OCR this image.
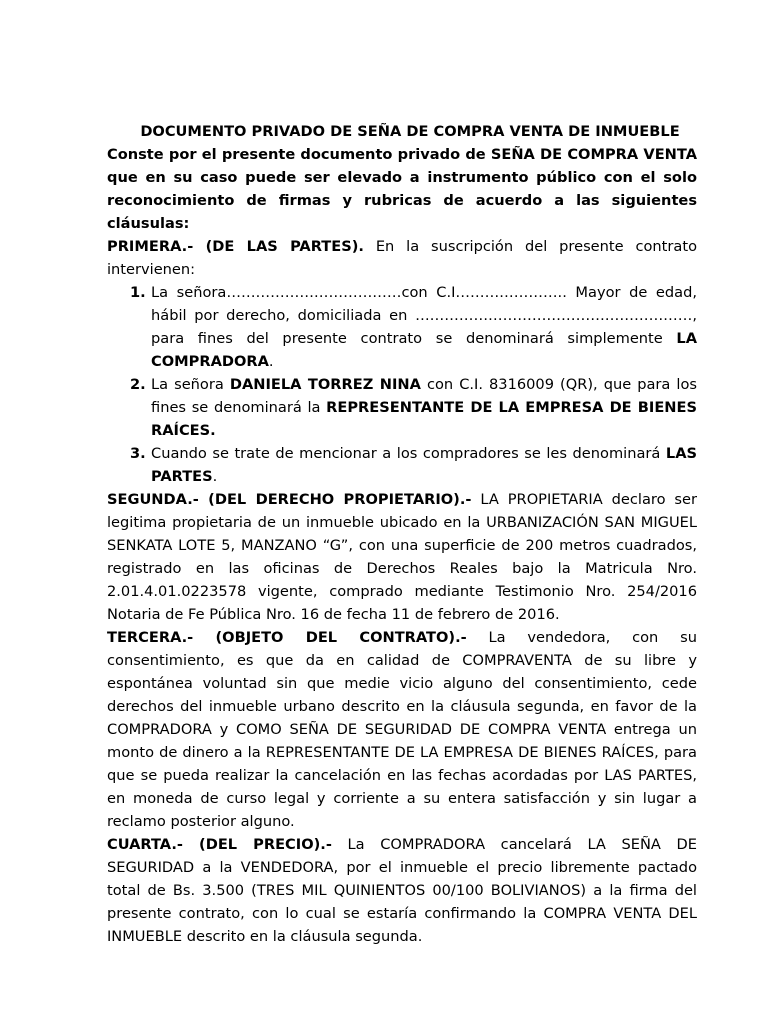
DOCUMENTO PRIVADO DE SEÑA DE COMPRA VENTA DE INMUEBLE

Conste por el presente documento privado de SEÑA DE COMPRA VENTA que en su caso puede ser elevado a instrumento público con el solo reconocimiento de firmas y rubricas de acuerdo a las siguientes cláusulas:

PRIMERA.- (DE LAS PARTES). En la suscripción del presente contrato intervienen:

1. La señora………………………………con C.I………………….. Mayor de edad, hábil por derecho, domiciliada en …………………………………………………, para fines del presente contrato se denominará simplemente LA COMPRADORA.
2. La señora DANIELA TORREZ NINA con C.I. 8316009 (QR), que para los fines se denominará la REPRESENTANTE DE LA EMPRESA DE BIENES RAÍCES.
3. Cuando se trate de mencionar a los compradores se les denominará LAS PARTES.

SEGUNDA.- (DEL DERECHO PROPIETARIO).- LA PROPIETARIA declaro ser legitima propietaria de un inmueble ubicado en la URBANIZACIÓN SAN MIGUEL SENKATA LOTE 5, MANZANO “G”, con una superficie de 200 metros cuadrados, registrado en las oficinas de Derechos Reales bajo la Matricula Nro. 2.01.4.01.0223578 vigente, comprado mediante Testimonio Nro. 254/2016 Notaria de Fe Pública Nro. 16 de fecha 11 de febrero de 2016.

TERCERA.- (OBJETO DEL CONTRATO).- La vendedora, con su consentimiento, es que da en calidad de COMPRAVENTA de su libre y espontánea voluntad sin que medie vicio alguno del consentimiento, cede derechos del inmueble urbano descrito en la cláusula segunda, en favor de la COMPRADORA y COMO SEÑA DE SEGURIDAD DE COMPRA VENTA entrega un monto de dinero a la REPRESENTANTE DE LA EMPRESA DE BIENES RAÍCES, para que se pueda realizar la cancelación en las fechas acordadas por LAS PARTES, en moneda de curso legal y corriente a su entera satisfacción y sin lugar a reclamo posterior alguno.

CUARTA.- (DEL PRECIO).- La COMPRADORA cancelará LA SEÑA DE SEGURIDAD a la VENDEDORA, por el inmueble el precio libremente pactado total de Bs. 3.500 (TRES MIL QUINIENTOS 00/100 BOLIVIANOS) a la firma del presente contrato, con lo cual se estaría confirmando la COMPRA VENTA DEL INMUEBLE descrito en la cláusula segunda.
